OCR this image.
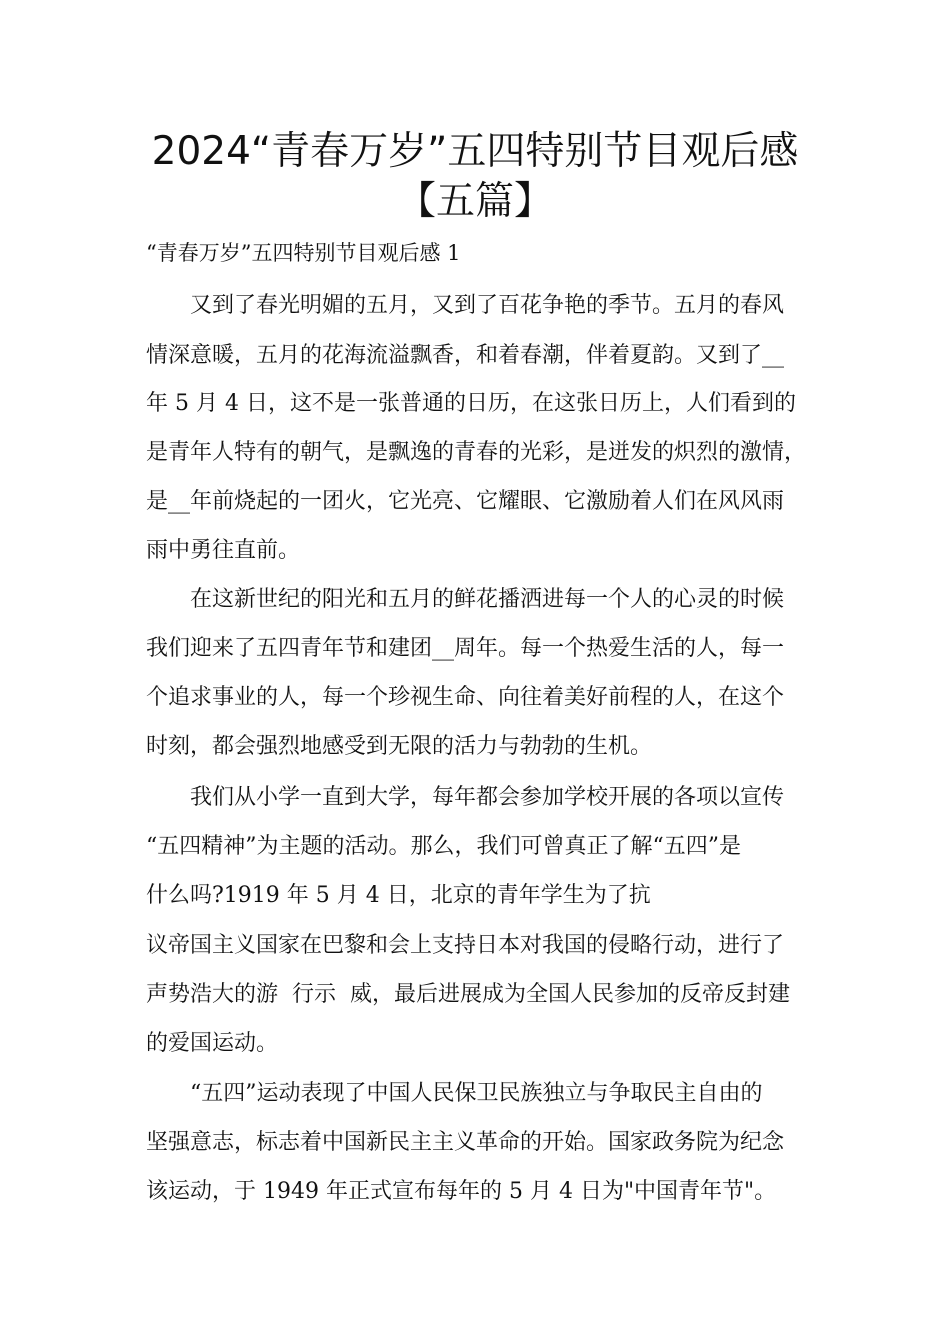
2024“青春万岁”五四特别节目观后感
【五篇】
“青春万岁”五四特别节目观后感 1
又到了春光明媚的五月，又到了百花争艳的季节。五月的春风
情深意暖，五月的花海流溢飘香，和着春潮，伴着夏韵。又到了__
年 5 月 4 日，这不是一张普通的日历，在这张日历上，人们看到的
是青年人特有的朝气，是飘逸的青春的光彩，是迸发的炽烈的激情，
是__年前烧起的一团火，它光亮、它耀眼、它激励着人们在风风雨
雨中勇往直前。
在这新世纪的阳光和五月的鲜花播洒进每一个人的心灵的时候
我们迎来了五四青年节和建团__周年。每一个热爱生活的人，每一
个追求事业的人，每一个珍视生命、向往着美好前程的人，在这个
时刻，都会强烈地感受到无限的活力与勃勃的生机。
我们从小学一直到大学，每年都会参加学校开展的各项以宣传
“五四精神”为主题的活动。那么，我们可曾真正了解“五四”是
什么吗?1919 年 5 月 4 日，北京的青年学生为了抗
议帝国主义国家在巴黎和会上支持日本对我国的侵略行动，进行了
声势浩大的游  行示  威，最后进展成为全国人民参加的反帝反封建
的爱国运动。
“五四”运动表现了中国人民保卫民族独立与争取民主自由的
坚强意志，标志着中国新民主主义革命的开始。国家政务院为纪念
该运动，于 1949 年正式宣布每年的 5 月 4 日为"中国青年节"。
